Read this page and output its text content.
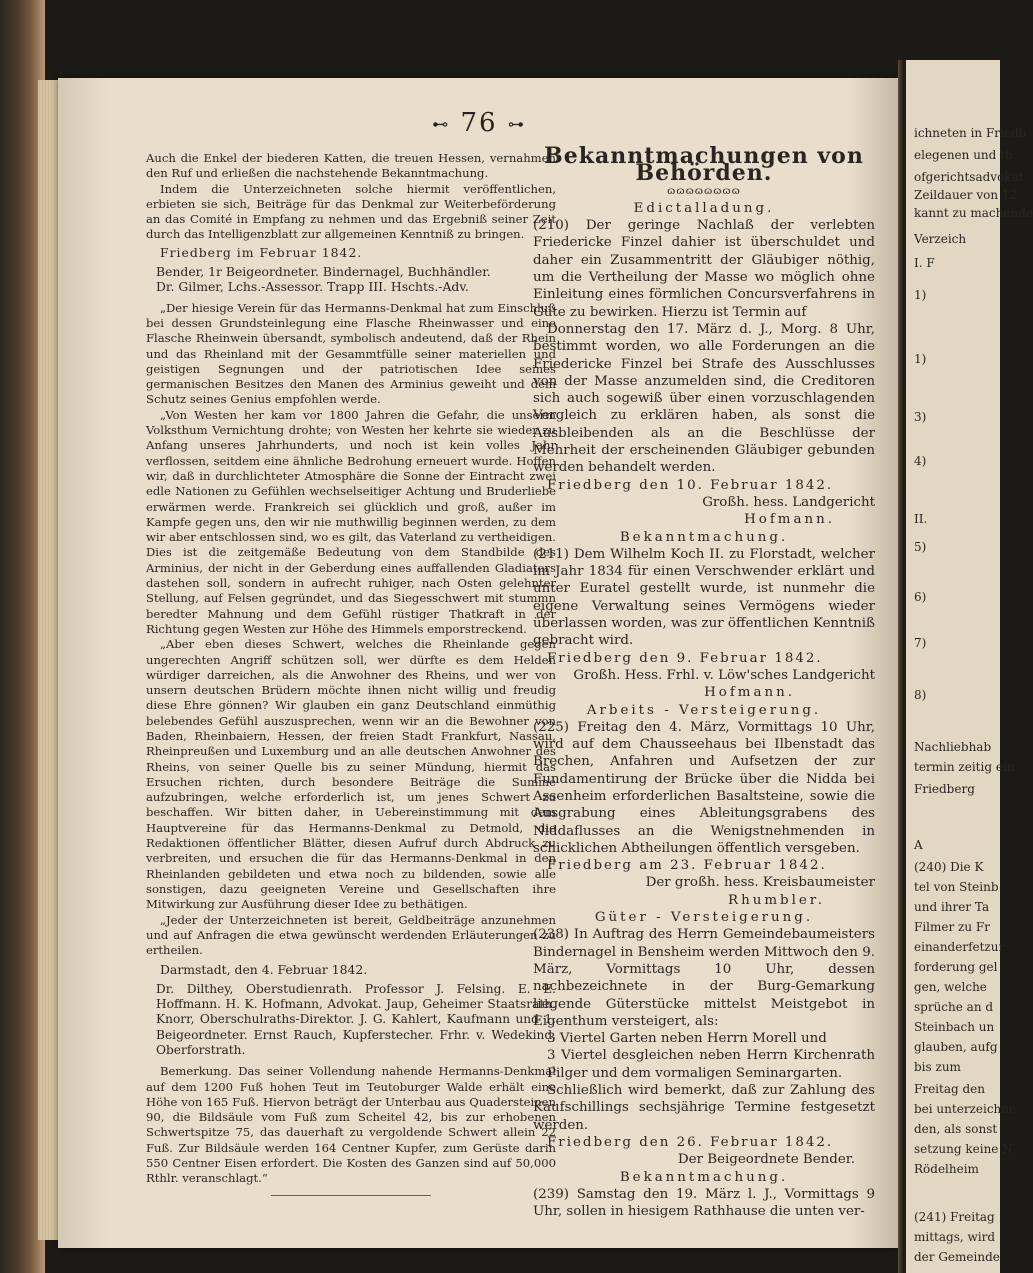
⊷ 76 ⊶

Auch die Enkel der biederen Katten, die treuen Hessen, vernahmen den Ruf und erließen die nachstehende Bekanntmachung.

Indem die Unterzeichneten solche hiermit veröffentlichen, erbieten sie sich, Beiträge für das Denkmal zur Weiterbeförderung an das Comité in Empfang zu nehmen und das Ergebniß seiner Zeit durch das Intelligenzblatt zur allgemeinen Kenntniß zu bringen.

Friedberg im Februar 1842.

Bender, 1r Beigeordneter. Bindernagel, Buchhändler.

Dr. Gilmer, Lchs.-Assessor. Trapp III. Hschts.-Adv.

„Der hiesige Verein für das Hermanns-Denkmal hat zum Einschluß bei dessen Grundsteinlegung eine Flasche Rheinwasser und eine Flasche Rheinwein übersandt, symbolisch andeutend, daß der Rhein und das Rheinland mit der Gesammtfülle seiner materiellen und geistigen Segnungen und der patriotischen Idee seines germanischen Besitzes den Manen des Arminius geweiht und dem Schutz seines Genius empfohlen werde.

„Von Westen her kam vor 1800 Jahren die Gefahr, die unserm Volksthum Vernichtung drohte; von Westen her kehrte sie wieder zu Anfang unseres Jahrhunderts, und noch ist kein volles Jahr verflossen, seitdem eine ähnliche Bedrohung erneuert wurde. Hoffen wir, daß in durchlichteter Atmosphäre die Sonne der Eintracht zwei edle Nationen zu Gefühlen wechselseitiger Achtung und Bruderliebe erwärmen werde. Frankreich sei glücklich und groß, außer im Kampfe gegen uns, den wir nie muthwillig beginnen werden, zu dem wir aber entschlossen sind, wo es gilt, das Vaterland zu vertheidigen. Dies ist die zeitgemäße Bedeutung von dem Standbilde des Arminius, der nicht in der Geberdung eines auffallenden Gladiators dastehen soll, sondern in aufrecht ruhiger, nach Osten gelehnter Stellung, auf Felsen gegründet, und das Siegesschwert mit stummn beredter Mahnung und dem Gefühl rüstiger Thatkraft in der Richtung gegen Westen zur Höhe des Himmels emporstreckend.

„Aber eben dieses Schwert, welches die Rheinlande gegen ungerechten Angriff schützen soll, wer dürfte es dem Helden würdiger darreichen, als die Anwohner des Rheins, und wer von unsern deutschen Brüdern möchte ihnen nicht willig und freudig diese Ehre gönnen? Wir glauben ein ganz Deutschland einmüthig belebendes Gefühl auszusprechen, wenn wir an die Bewohner von Baden, Rheinbaiern, Hessen, der freien Stadt Frankfurt, Nassau, Rheinpreußen und Luxemburg und an alle deutschen Anwohner des Rheins, von seiner Quelle bis zu seiner Mündung, hiermit das Ersuchen richten, durch besondere Beiträge die Summe aufzubringen, welche erforderlich ist, um jenes Schwert zu beschaffen. Wir bitten daher, in Uebereinstimmung mit dem Hauptvereine für das Hermanns-Denkmal zu Detmold, die Redaktionen öffentlicher Blätter, diesen Aufruf durch Abdruck zu verbreiten, und ersuchen die für das Hermanns-Denkmal in den Rheinlanden gebildeten und etwa noch zu bildenden, sowie alle sonstigen, dazu geeigneten Vereine und Gesellschaften ihre Mitwirkung zur Ausführung dieser Idee zu bethätigen.

„Jeder der Unterzeichneten ist bereit, Geldbeiträge anzunehmen und auf Anfragen die etwa gewünscht werdenden Erläuterungen zu ertheilen.

Darmstadt, den 4. Februar 1842.

Dr. Dilthey, Oberstudienrath. Professor J. Felsing. E. E. Hoffmann. H. K. Hofmann, Advokat. Jaup, Geheimer Staatsrath. Knorr, Oberschulraths-Direktor. J. G. Kahlert, Kaufmann und 1. Beigeordneter. Ernst Rauch, Kupferstecher. Frhr. v. Wedekind, Oberforstrath.

Bemerkung. Das seiner Vollendung nahende Hermanns-Denkmal auf dem 1200 Fuß hohen Teut im Teutoburger Walde erhält eine Höhe von 165 Fuß. Hiervon beträgt der Unterbau aus Quadersteinen 90, die Bildsäule vom Fuß zum Scheitel 42, bis zur erhobenen Schwertspitze 75, das dauerhaft zu vergoldende Schwert allein 22 Fuß. Zur Bildsäule werden 164 Centner Kupfer, zum Gerüste darin 550 Centner Eisen erfordert. Die Kosten des Ganzen sind auf 50,000 Rthlr. veranschlagt.“

Bekanntmachungen von Behörden.

ɷɷɷɷɷɷɷɷ

Edictalladung.

(210) Der geringe Nachlaß der verlebten Friedericke Finzel dahier ist überschuldet und daher ein Zusammentritt der Gläubiger nöthig, um die Vertheilung der Masse wo möglich ohne Einleitung eines förmlichen Concursverfahrens in Güte zu bewirken. Hierzu ist Termin auf

Donnerstag den 17. März d. J., Morg. 8 Uhr, bestimmt worden, wo alle Forderungen an die Friedericke Finzel bei Strafe des Ausschlusses von der Masse anzumelden sind, die Creditoren sich auch sogewiß über einen vorzuschlagenden Vergleich zu erklären haben, als sonst die Ausbleibenden als an die Beschlüsse der Mehrheit der erscheinenden Gläubiger gebunden werden behandelt werden.

Friedberg den 10. Februar 1842.

Großh. hess. Landgericht

Hofmann.

Bekanntmachung.

(211) Dem Wilhelm Koch II. zu Florstadt, welcher im Jahr 1834 für einen Verschwender erklärt und unter Euratel gestellt wurde, ist nunmehr die eigene Verwaltung seines Vermögens wieder überlassen worden, was zur öffentlichen Kenntniß gebracht wird.

Friedberg den 9. Februar 1842.

Großh. Hess. Frhl. v. Löw'sches Landgericht

Hofmann.

Arbeits - Versteigerung.

(225) Freitag den 4. März, Vormittags 10 Uhr, wird auf dem Chausseehaus bei Ilbenstadt das Brechen, Anfahren und Aufsetzen der zur Fundamentirung der Brücke über die Nidda bei Assenheim erforderlichen Basaltsteine, sowie die Ausgrabung eines Ableitungsgrabens des Niddaflusses an die Wenigstnehmenden in schicklichen Abtheilungen öffentlich versgeben.

Friedberg am 23. Februar 1842.

Der großh. hess. Kreisbaumeister

Rhumbler.

Güter - Versteigerung.

(238) In Auftrag des Herrn Gemeindebaumeisters Bindernagel in Bensheim werden Mittwoch den 9. März, Vormittags 10 Uhr, dessen nachbezeichnete in der Burg-Gemarkung liegende Güterstücke mittelst Meistgebot in Eigenthum versteigert, als:

3 Viertel Garten neben Herrn Morell und

3 Viertel desgleichen neben Herrn Kirchenrath Pilger und dem vormaligen Seminargarten.

Schließlich wird bemerkt, daß zur Zahlung des Kaufschillings sechsjährige Termine festgesetzt werden.

Friedberg den 26. Februar 1842.

Der Beigeordnete Bender.

Bekanntmachung.

(239) Samstag den 19. März l. J., Vormittags 9 Uhr, sollen in hiesigem Rathhause die unten ver-

ichneten in Friedb
elegenen und th
ofgerichtsadvokat
Zeildauer von 12
kannt zu machende
Verzeich
I. F
1)
1)
3)
4)
II.
5)
6)
7)
8)
Nachliebhab
termin zeitig ein
Friedberg
A
(240) Die K
tel von Steinb
und ihrer Ta
Filmer zu Fr
einanderfetzur
forderung gel
gen, welche
sprüche an d
Steinbach un
glauben, aufg
bis zum
Freitag den
bei unterzeichne
den, als sonst
setzung keine N
Rödelheim
(241) Freitag
mittags, wird
der Gemeinde
